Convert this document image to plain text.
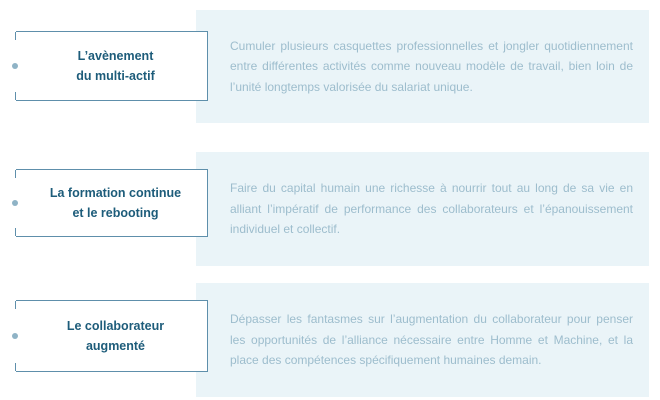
Cumuler plusieurs casquettes professionnelles et jongler quotidiennement entre différentes activités comme nouveau modèle de travail, bien loin de l’unité longtemps valorisée du salariat unique.

L’avènement
du multi-actif

Faire du capital humain une richesse à nourrir tout au long de sa vie en alliant l’impératif de performance des collaborateurs et l’épanouissement individuel et collectif.

La formation continue
et le rebooting

Dépasser les fantasmes sur l’augmentation du collaborateur pour penser les opportunités de l’alliance nécessaire entre Homme et Machine, et la place des compétences spécifiquement humaines demain.

Le collaborateur
augmenté
